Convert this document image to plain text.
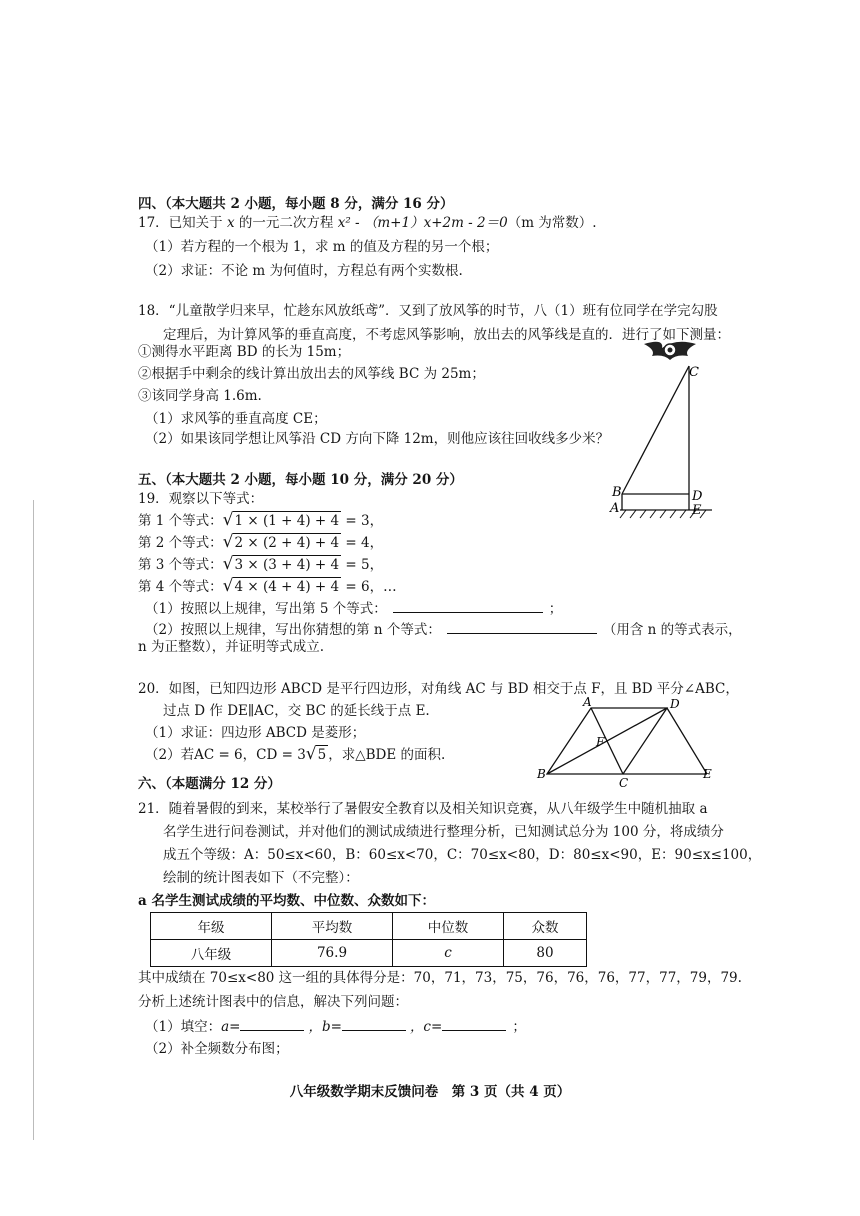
四、（本大题共 2 小题，每小题 8 分，满分 16 分）
17．已知关于 x 的一元二次方程 x² - （m+1）x+2m - 2＝0（m 为常数）.
（1）若方程的一个根为 1，求 m 的值及方程的另一个根；
（2）求证：不论 m 为何值时，方程总有两个实数根.
18．“儿童散学归来早，忙趁东风放纸鸢”．又到了放风筝的时节，八（1）班有位同学在学完勾股
定理后，为计算风筝的垂直高度，不考虑风筝影响，放出去的风筝线是直的．进行了如下测量：
①测得水平距离 BD 的长为 15m；
②根据手中剩余的线计算出放出去的风筝线 BC 为 25m；
③该同学身高 1.6m.
（1）求风筝的垂直高度 CE；
（2）如果该同学想让风筝沿 CD 方向下降 12m，则他应该往回收线多少米？
C
B	D
A	E
五、（本大题共 2 小题，每小题 10 分，满分 20 分）
19．观察以下等式：
第 1 个等式：√1 × (1 + 4) + 4 = 3，
第 2 个等式：√2 × (2 + 4) + 4 = 4，
第 3 个等式：√3 × (3 + 4) + 4 = 5，
第 4 个等式：√4 × (4 + 4) + 4 = 6，…
（1）按照以上规律，写出第 5 个等式：	；
（2）按照以上规律，写出你猜想的第 n 个等式：	（用含 n 的等式表示，
n 为正整数），并证明等式成立.
20．如图，已知四边形 ABCD 是平行四边形，对角线 AC 与 BD 相交于点 F，且 BD 平分∠ABC，
过点 D 作 DE∥AC，交 BC 的延长线于点 E.
（1）求证：四边形 ABCD 是菱形；
（2）若AC = 6，CD = 3√5 ，求△BDE 的面积.
A	D
F
B
C
E
六、（本题满分 12 分）
21．随着暑假的到来，某校举行了暑假安全教育以及相关知识竞赛，从八年级学生中随机抽取 a
名学生进行问卷测试，并对他们的测试成绩进行整理分析，已知测试总分为 100 分，将成绩分
成五个等级：A：50≤x<60，B：60≤x<70，C：70≤x<80，D：80≤x<90，E：90≤x≤100，
绘制的统计图表如下（不完整）：
a 名学生测试成绩的平均数、中位数、众数如下：
年级	平均数	中位数	众数
八年级	76.9	c	80
其中成绩在 70≤x<80 这一组的具体得分是：70，71，73，75，76，76，76，77，77，79，79.
分析上述统计图表中的信息，解决下列问题：
（1）填空：a=	，b=	，c=	；
（2）补全频数分布图；
八年级数学期末反馈问卷　第 3 页（共 4 页）
